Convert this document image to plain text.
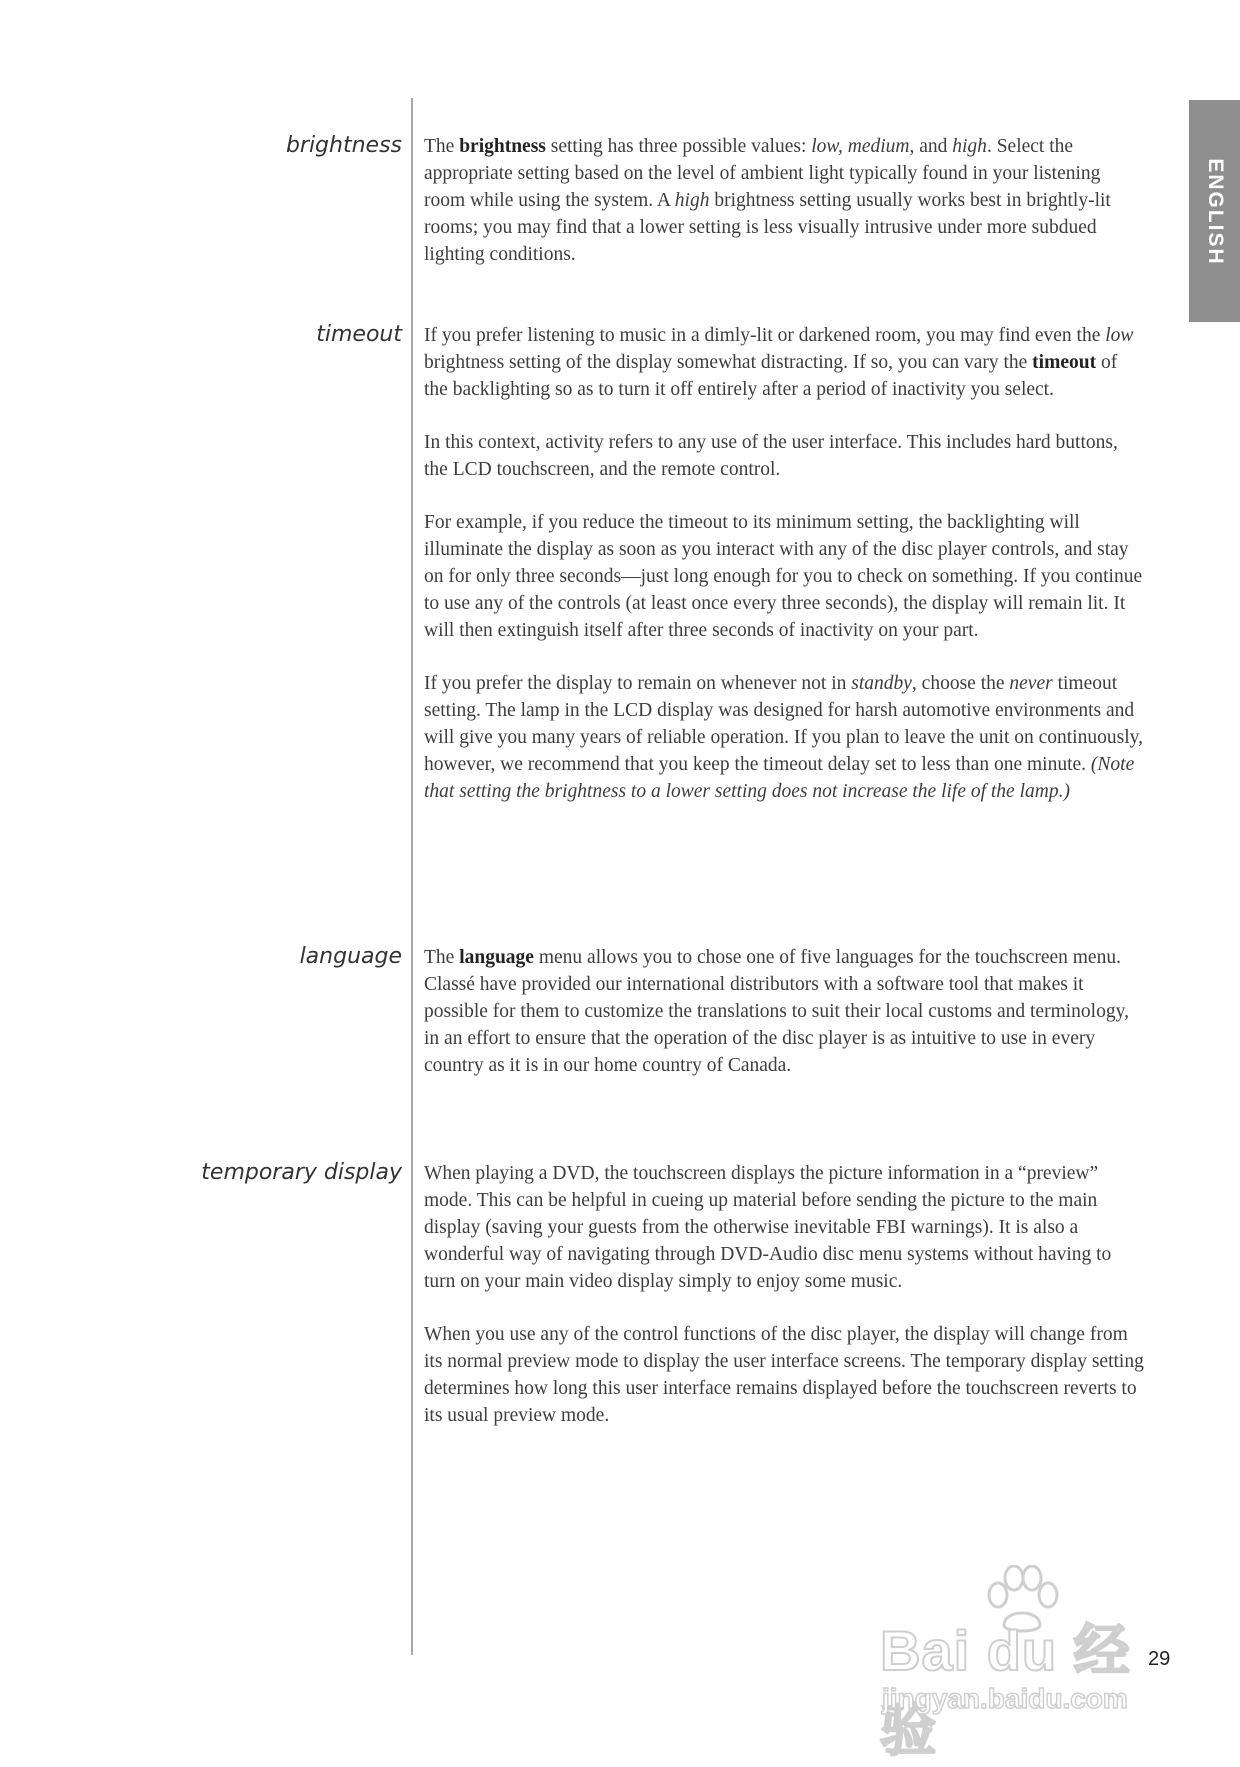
ENGLISH
brightness The brightness setting has three possible values: low, medium, and high. Select the appropriate setting based on the level of ambient light typically found in your listening room while using the system. A high brightness setting usually works best in brightly-lit rooms; you may find that a lower setting is less visually intrusive under more subdued lighting conditions.

timeout If you prefer listening to music in a dimly-lit or darkened room, you may find even the low brightness setting of the display somewhat distracting. If so, you can vary the timeout of the backlighting so as to turn it off entirely after a period of inactivity you select.

In this context, activity refers to any use of the user interface. This includes hard buttons, the LCD touchscreen, and the remote control.

For example, if you reduce the timeout to its minimum setting, the backlighting will illuminate the display as soon as you interact with any of the disc player controls, and stay on for only three seconds—just long enough for you to check on something. If you continue to use any of the controls (at least once every three seconds), the display will remain lit. It will then extinguish itself after three seconds of inactivity on your part.

If you prefer the display to remain on whenever not in standby, choose the never timeout setting. The lamp in the LCD display was designed for harsh automotive environments and will give you many years of reliable operation. If you plan to leave the unit on continuously, however, we recommend that you keep the timeout delay set to less than one minute. (Note that setting the brightness to a lower setting does not increase the life of the lamp.)

language The language menu allows you to chose one of five languages for the touchscreen menu. Classé have provided our international distributors with a software tool that makes it possible for them to customize the translations to suit their local customs and terminology, in an effort to ensure that the operation of the disc player is as intuitive to use in every country as it is in our home country of Canada.

temporary display When playing a DVD, the touchscreen displays the picture information in a “preview” mode. This can be helpful in cueing up material before sending the picture to the main display (saving your guests from the otherwise inevitable FBI warnings). It is also a wonderful way of navigating through DVD-Audio disc menu systems without having to turn on your main video display simply to enjoy some music.

When you use any of the control functions of the disc player, the display will change from its normal preview mode to display the user interface screens. The temporary display setting determines how long this user interface remains displayed before the touchscreen reverts to its usual preview mode.

Bai du 经验
jingyan.baidu.com
29
